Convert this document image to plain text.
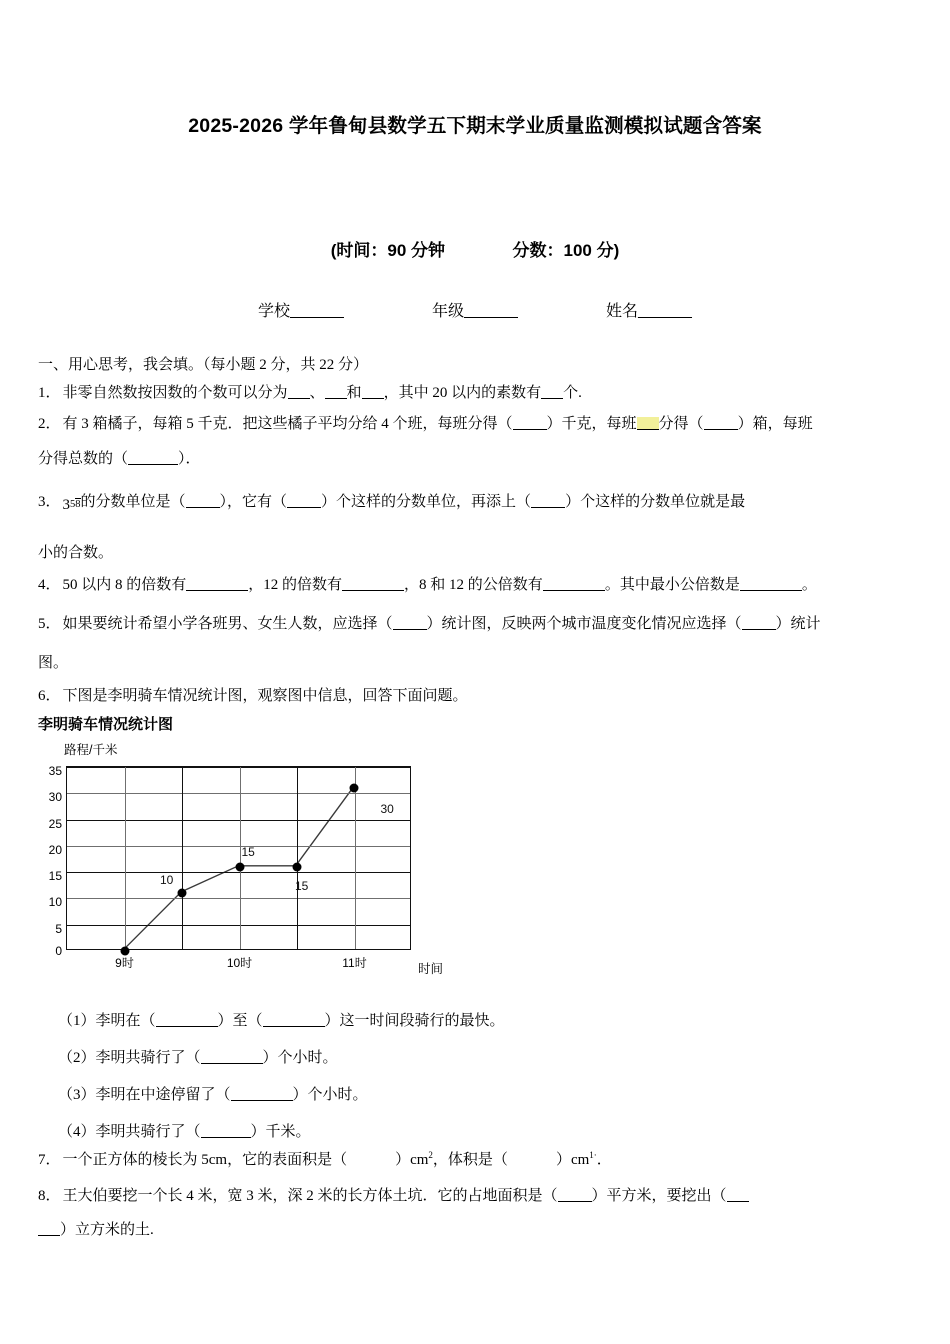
2025-2026 学年鲁甸县数学五下期末学业质量监测模拟试题含答案
(时间：90 分钟	分数：100 分)
学校______	年级______	姓名______
一、用心思考，我会填。（每小题 2 分，共 22 分）
1． 非零自然数按因数的个数可以分为 、 和 ，其中 20 以内的素数有 个.
2． 有 3 箱橘子，每箱 5 千克．把这些橘子平均分给 4 个班，每班分得（ ）千克，每班 分得（ ）箱，每班
分得总数的（	）．
3． 358的分数单位是（ ），它有（ ）个这样的分数单位，再添上（ ）个这样的分数单位就是最
小的合数。
4． 50 以内 8 的倍数有	，12 的倍数有	，8 和 12 的公倍数有	。其中最小公倍数是	。
5． 如果要统计希望小学各班男、女生人数，应选择（ ）统计图，反映两个城市温度变化情况应选择（ ）统计
图。
6． 下图是李明骑车情况统计图，观察图中信息，回答下面问题。
李明骑车情况统计图
路程/千米
时间
0
5
10
15
20
25
30
35
9时	10时	11时
10
15
15
30
（1）李明在（	）至（	）这一时间段骑行的最快。
（2）李明共骑行了（	）个小时。
（3）李明在中途停留了（	）个小时。
（4）李明共骑行了（	）千米。
7． 一个正方体的棱长为 5cm，它的表面积是（	）$cm^2$，体积是（	）$cm^{1\cdot}$．
8． 王大伯要挖一个长 4 米，宽 3 米，深 2 米的长方体土坑．它的占地面积是（ ）平方米，要挖出（
）立方米的土.
